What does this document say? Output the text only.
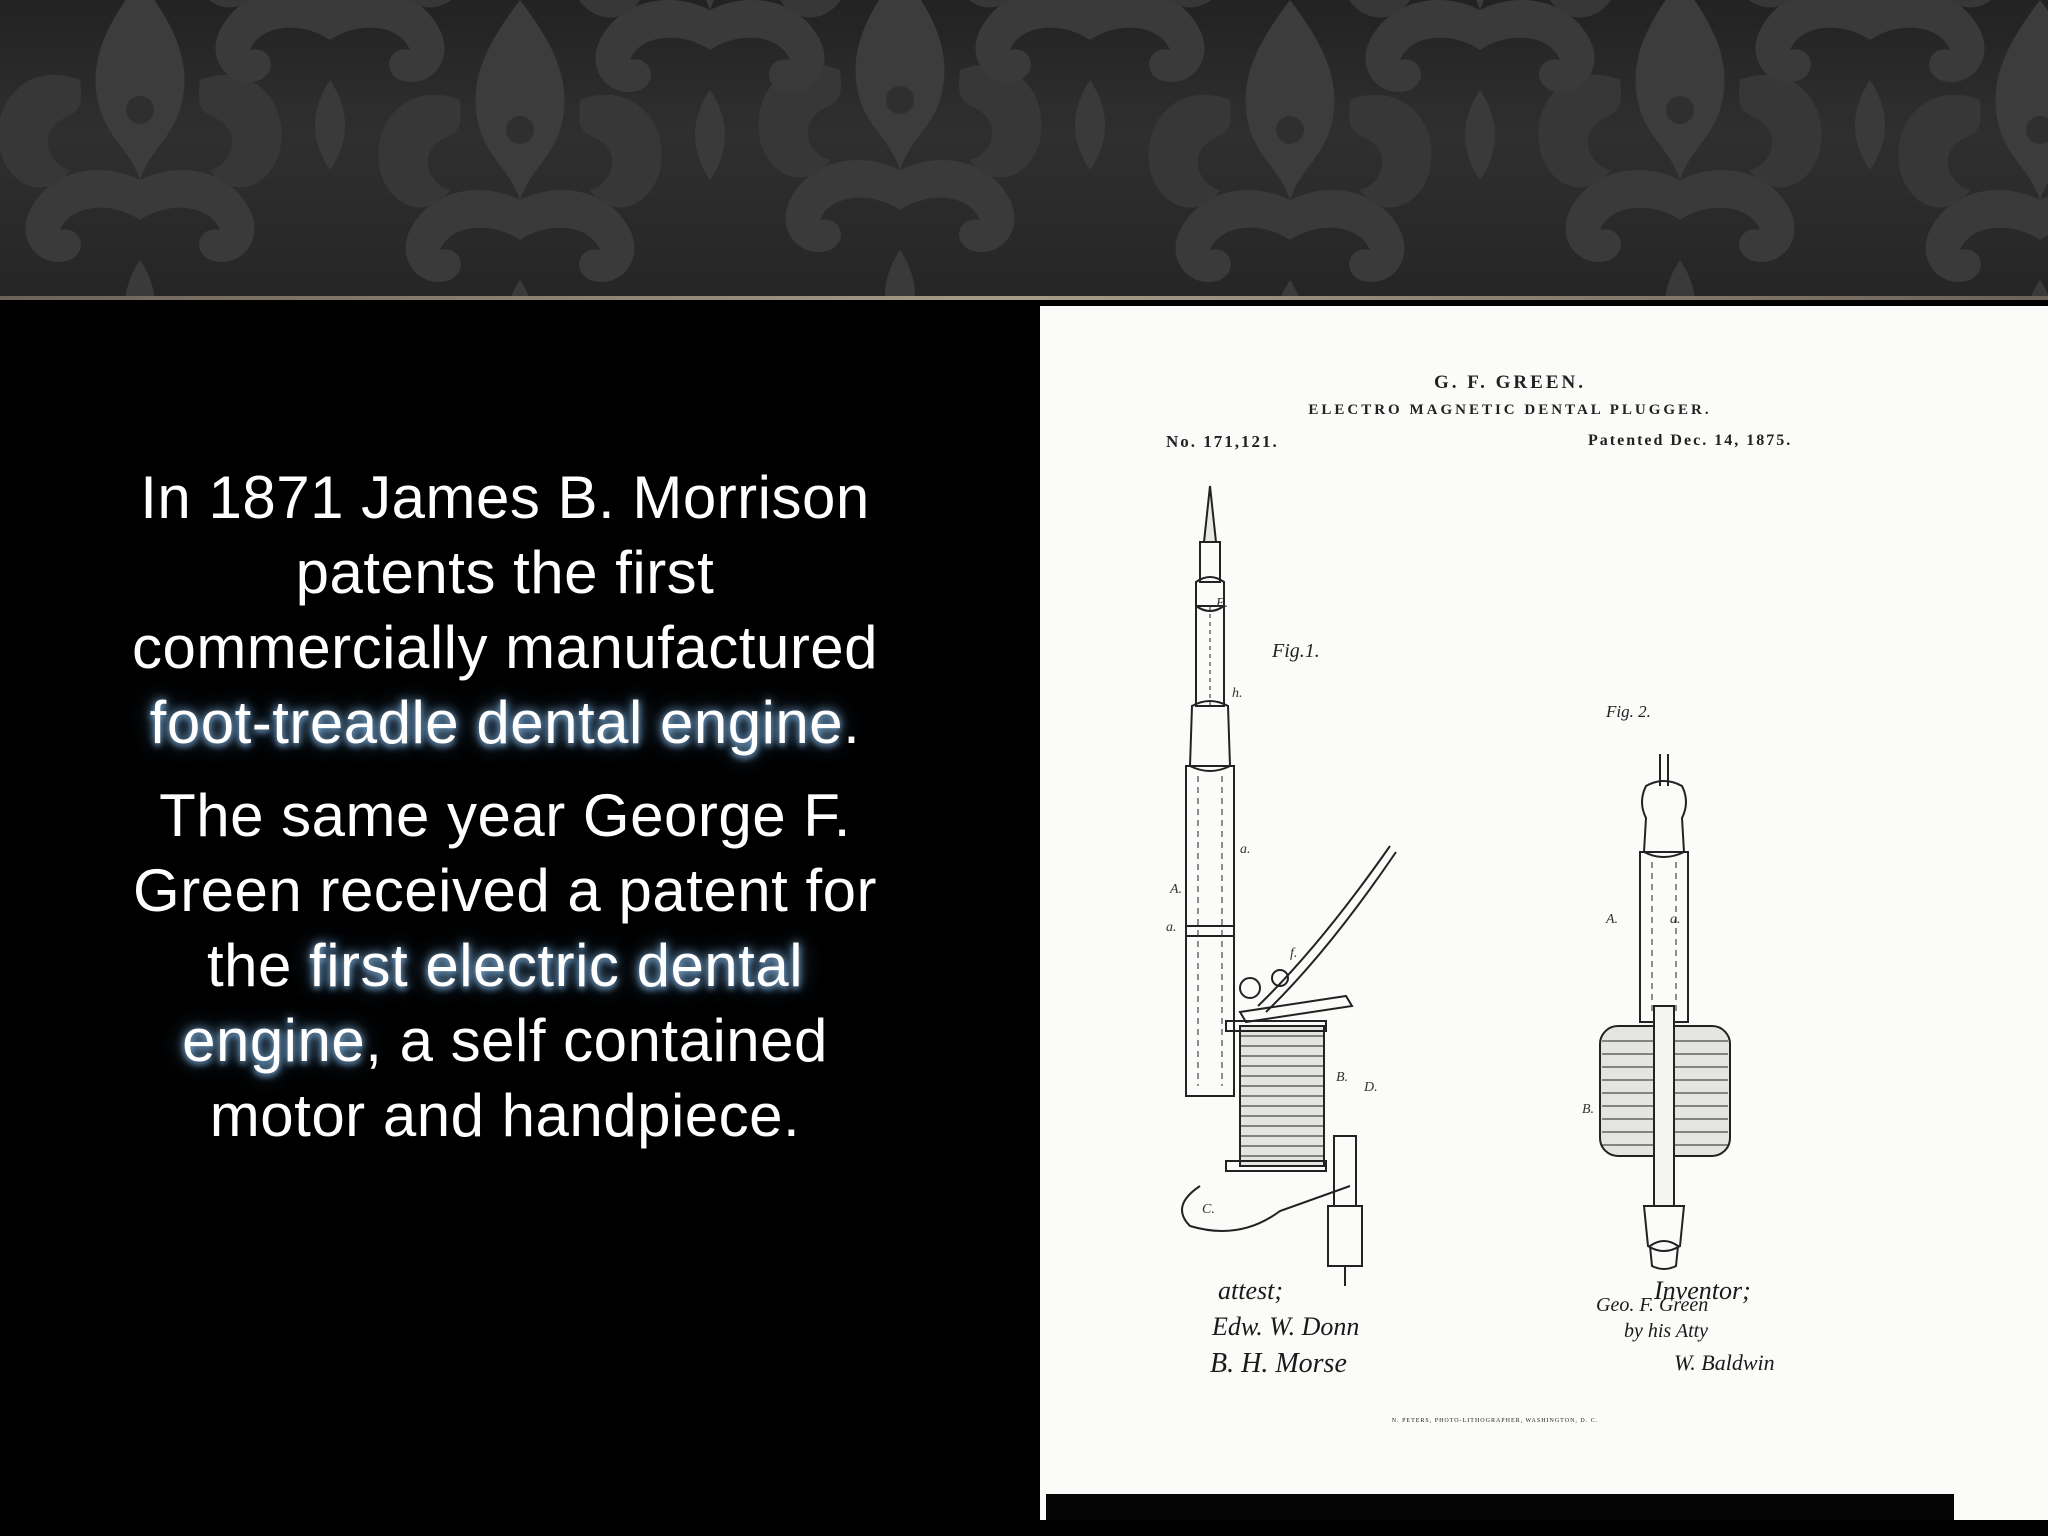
In 1871 James B. Morrison patents the first commercially manufactured foot-treadle dental engine.

The same year George F. Green received a patent for the first electric dental engine, a self contained motor and handpiece.

G. F. GREEN.
ELECTRO MAGNETIC DENTAL PLUGGER.
No. 171,121.	Patented Dec. 14, 1875.
Fig.1.
Fig. 2.
E.
h.
a.
A.
a.
B.
D.
C.
f.
A.	a.
B.
attest;	Inventor;
Edw. W. Donn
B. H. Morse
Geo. F. Green
by his Atty
W. Baldwin
N. PETERS, PHOTO-LITHOGRAPHER, WASHINGTON, D. C.
